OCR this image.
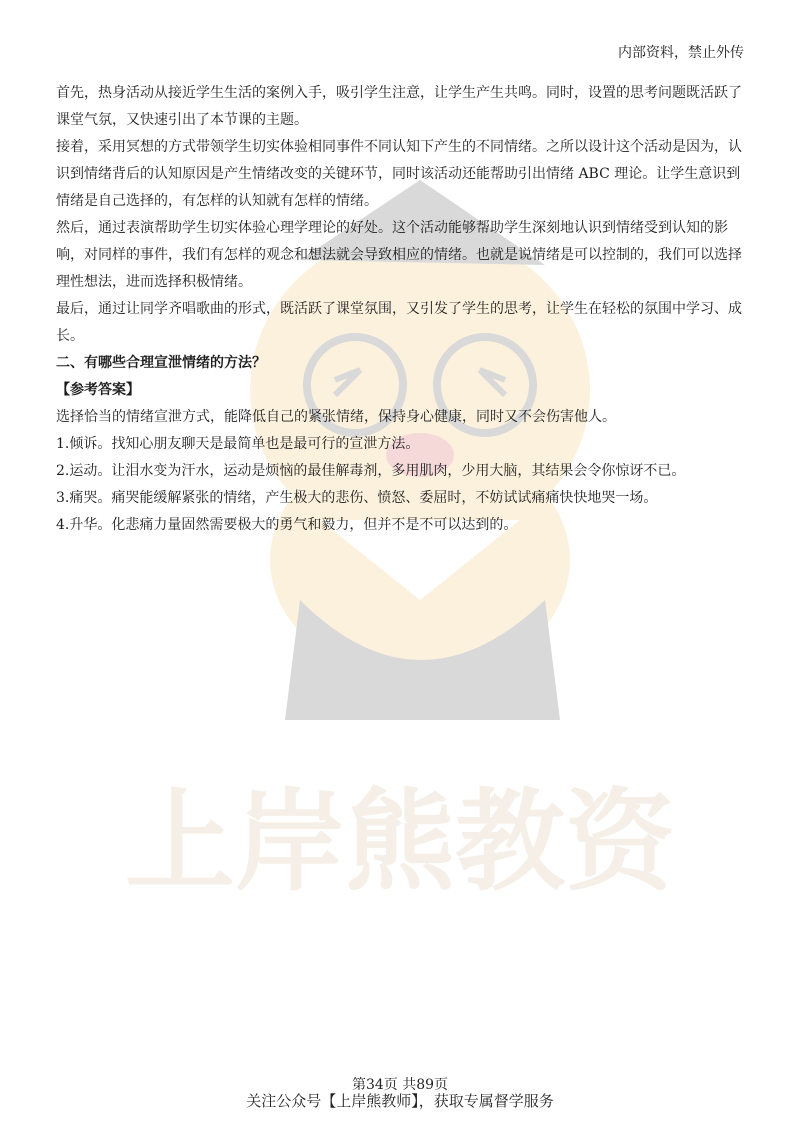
上岸熊教资
内部资料，禁止外传

首先，热身活动从接近学生生活的案例入手，吸引学生注意，让学生产生共鸣。同时，设置的思考问题既活跃了课堂气氛，又快速引出了本节课的主题。

接着，采用冥想的方式带领学生切实体验相同事件不同认知下产生的不同情绪。之所以设计这个活动是因为，认识到情绪背后的认知原因是产生情绪改变的关键环节，同时该活动还能帮助引出情绪 ABC 理论。让学生意识到情绪是自己选择的，有怎样的认知就有怎样的情绪。

然后，通过表演帮助学生切实体验心理学理论的好处。这个活动能够帮助学生深刻地认识到情绪受到认知的影响，对同样的事件，我们有怎样的观念和想法就会导致相应的情绪。也就是说情绪是可以控制的，我们可以选择理性想法，进而选择积极情绪。

最后，通过让同学齐唱歌曲的形式，既活跃了课堂氛围，又引发了学生的思考，让学生在轻松的氛围中学习、成长。

二、有哪些合理宣泄情绪的方法？

【参考答案】

选择恰当的情绪宣泄方式，能降低自己的紧张情绪，保持身心健康，同时又不会伤害他人。

1.倾诉。找知心朋友聊天是最简单也是最可行的宣泄方法。

2.运动。让泪水变为汗水，运动是烦恼的最佳解毒剂，多用肌肉，少用大脑，其结果会令你惊讶不已。

3.痛哭。痛哭能缓解紧张的情绪，产生极大的悲伤、愤怒、委屈时，不妨试试痛痛快快地哭一场。

4.升华。化悲痛力量固然需要极大的勇气和毅力，但并不是不可以达到的。

第34页 共89页
关注公众号【上岸熊教师】，获取专属督学服务
